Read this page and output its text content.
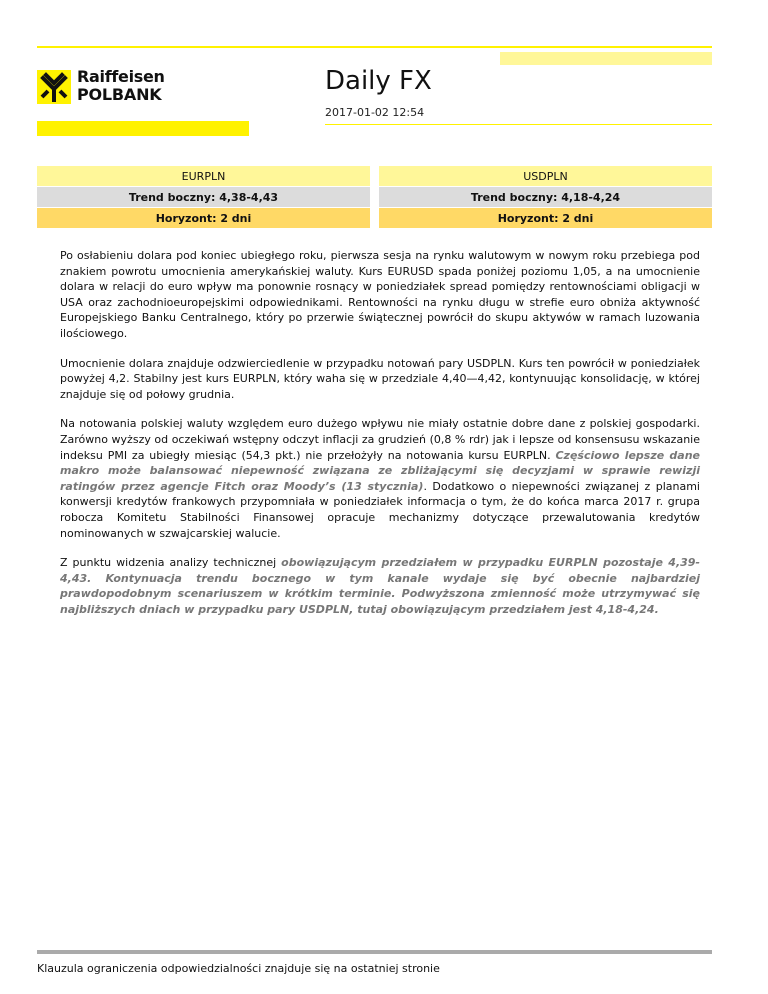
Raiffeisen
POLBANK	Daily FX
2017-01-02 12:54
EURPLN	USDPLN
Trend boczny: 4,38-4,43	Trend boczny: 4,18-4,24
Horyzont: 2 dni	Horyzont: 2 dni

Po osłabieniu dolara pod koniec ubiegłego roku, pierwsza sesja na rynku walutowym w nowym roku przebiega pod znakiem powrotu umocnienia amerykańskiej waluty. Kurs EURUSD spada poniżej poziomu 1,05, a na umocnienie dolara w relacji do euro wpływ ma ponownie rosnący w poniedziałek spread pomiędzy rentownościami obligacji w USA oraz zachodnioeuropejskimi odpowiednikami. Rentowności na rynku długu w strefie euro obniża aktywność Europejskiego Banku Centralnego, który po przerwie świątecznej powrócił do skupu aktywów w ramach luzowania ilościowego.

Umocnienie dolara znajduje odzwierciedlenie w przypadku notowań pary USDPLN. Kurs ten powrócił w poniedziałek powyżej 4,2. Stabilny jest kurs EURPLN, który waha się w przedziale 4,40—4,42, kontynuując konsolidację, w której znajduje się od połowy grudnia.

Na notowania polskiej waluty względem euro dużego wpływu nie miały ostatnie dobre dane z polskiej gospodarki. Zarówno wyższy od oczekiwań wstępny odczyt inflacji za grudzień (0,8 % rdr) jak i lepsze od konsensusu wskazanie indeksu PMI za ubiegły miesiąc (54,3 pkt.) nie przełożyły na notowania kursu EURPLN. Częściowo lepsze dane makro może balansować niepewność związana ze zbliżającymi się decyzjami w sprawie rewizji ratingów przez agencje Fitch oraz Moody’s (13 stycznia). Dodatkowo o niepewności związanej z planami konwersji kredytów frankowych przypomniała w poniedziałek informacja o tym, że do końca marca 2017 r. grupa robocza Komitetu Stabilności Finansowej opracuje mechanizmy dotyczące przewalutowania kredytów nominowanych w szwajcarskiej walucie.

Z punktu widzenia analizy technicznej obowiązującym przedziałem w przypadku EURPLN pozostaje 4,39-4,43. Kontynuacja trendu bocznego w tym kanale wydaje się być obecnie najbardziej prawdopodobnym scenariuszem w krótkim terminie. Podwyższona zmienność może utrzymywać się najbliższych dniach w przypadku pary USDPLN, tutaj obowiązującym przedziałem jest 4,18-4,24.

Klauzula ograniczenia odpowiedzialności znajduje się na ostatniej stronie
